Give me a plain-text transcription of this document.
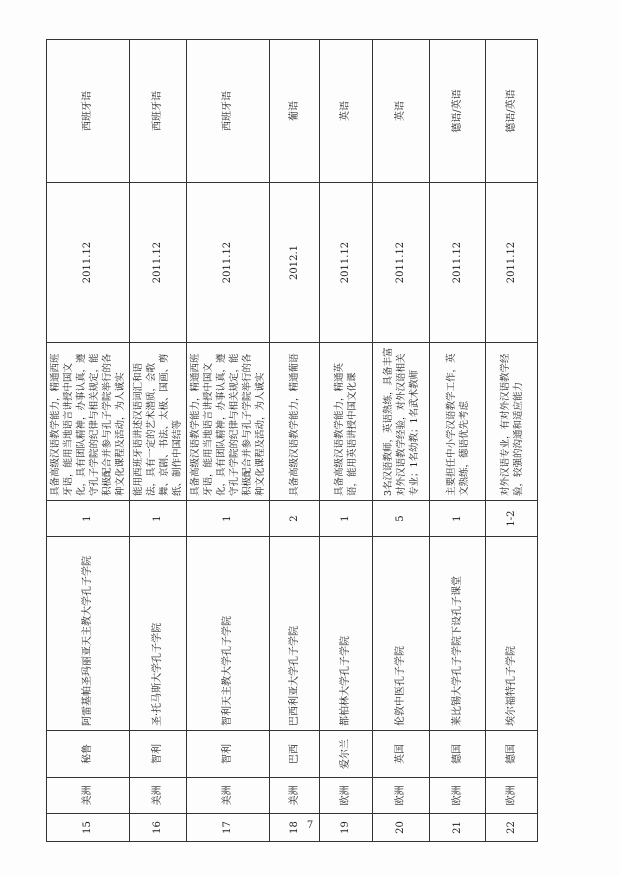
15	美洲	秘鲁	阿雷基帕圣玛丽亚天主教大学孔子学院	1	具备高级汉语教学能力，精通西班牙语，能用当地语言讲授中国文化，具有团队精神，办事认真，遵守孔子学院的纪律与相关规定，能积极配合并参与孔子学院举行的各种文化课程及活动，为人诚实	2011.12	西班牙语
16	美洲	智利	圣·托马斯大学孔子学院	1	能用西班牙语讲述汉语词汇和语法，具有一定的艺术潜质，会歌舞、京剧、书法、太极、国画、剪纸、制作中国结等	2011.12	西班牙语
17	美洲	智利	智利天主教大学孔子学院	1	具备高级汉语教学能力，精通西班牙语，能用当地语言讲授中国文化，具有团队精神，办事认真，遵守孔子学院的纪律与相关规定，能积极配合并参与孔子学院举行的各种文化课程及活动，为人诚实	2011.12	西班牙语
18	美洲	巴西	巴西利亚大学孔子学院	2	具备高级汉语教学能力，精通葡语	2012.1	葡语
19	欧洲	爱尔兰	都柏林大学孔子学院	1	具备高级汉语教学能力，精通英语，能用英语讲授中国文化课	2011.12	英语
20	欧洲	英国	伦敦中医孔子学院	5	3名汉语教师，英语熟练，具备丰富对外汉语教学经验，对外汉语相关专业；1名幼教；1名武术教师	2011.12	英语
21	欧洲	德国	莱比锡大学孔子学院下设孔子课堂	1	主要担任中小学汉语教学工作，英文熟练，德语优先考虑	2011.12	德语/英语
22	欧洲	德国	埃尔福特孔子学院	1-2	对外汉语专业，有对外汉语教学经验，较强的沟通和适应能力	2011.12	德语/英语
7
